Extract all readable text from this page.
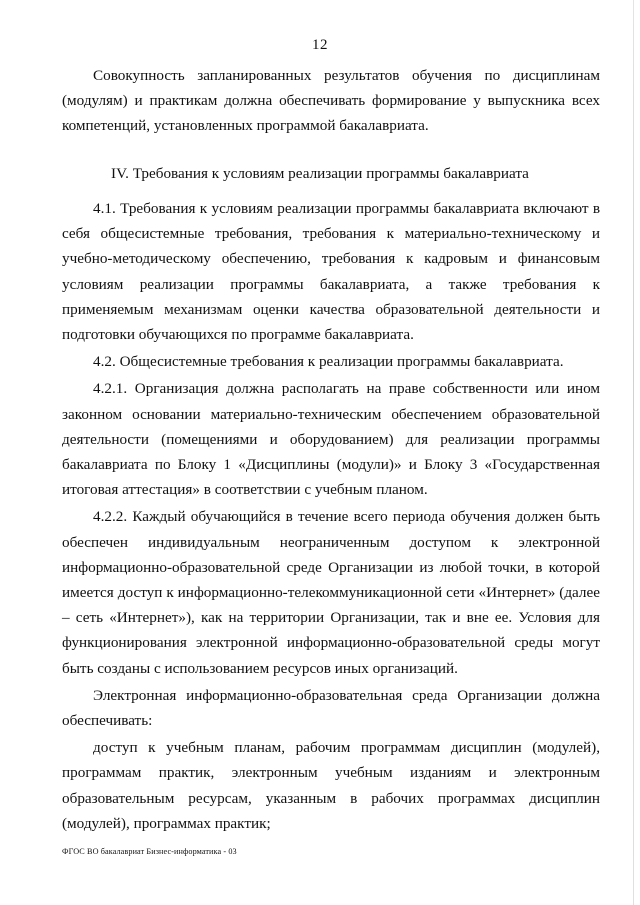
12

Совокупность запланированных результатов обучения по дисциплинам (модулям) и практикам должна обеспечивать формирование у выпускника всех компетенций, установленных программой бакалавриата.

IV. Требования к условиям реализации программы бакалавриата

4.1. Требования к условиям реализации программы бакалавриата включают в себя общесистемные требования, требования к материально-техническому и учебно-методическому обеспечению, требования к кадровым и финансовым условиям реализации программы бакалавриата, а также требования к применяемым механизмам оценки качества образовательной деятельности и подготовки обучающихся по программе бакалавриата.

4.2. Общесистемные требования к реализации программы бакалавриата.

4.2.1. Организация должна располагать на праве собственности или ином законном основании материально-техническим обеспечением образовательной деятельности (помещениями и оборудованием) для реализации программы бакалавриата по Блоку 1 «Дисциплины (модули)» и Блоку 3 «Государственная итоговая аттестация» в соответствии с учебным планом.

4.2.2. Каждый обучающийся в течение всего периода обучения должен быть обеспечен индивидуальным неограниченным доступом к электронной информационно-образовательной среде Организации из любой точки, в которой имеется доступ к информационно-телекоммуникационной сети «Интернет» (далее – сеть «Интернет»), как на территории Организации, так и вне ее. Условия для функционирования электронной информационно-образовательной среды могут быть созданы с использованием ресурсов иных организаций.

Электронная информационно-образовательная среда Организации должна обеспечивать:

доступ к учебным планам, рабочим программам дисциплин (модулей), программам практик, электронным учебным изданиям и электронным образовательным ресурсам, указанным в рабочих программах дисциплин (модулей), программах практик;

ФГОС ВО бакалавриат Бизнес-информатика - 03
